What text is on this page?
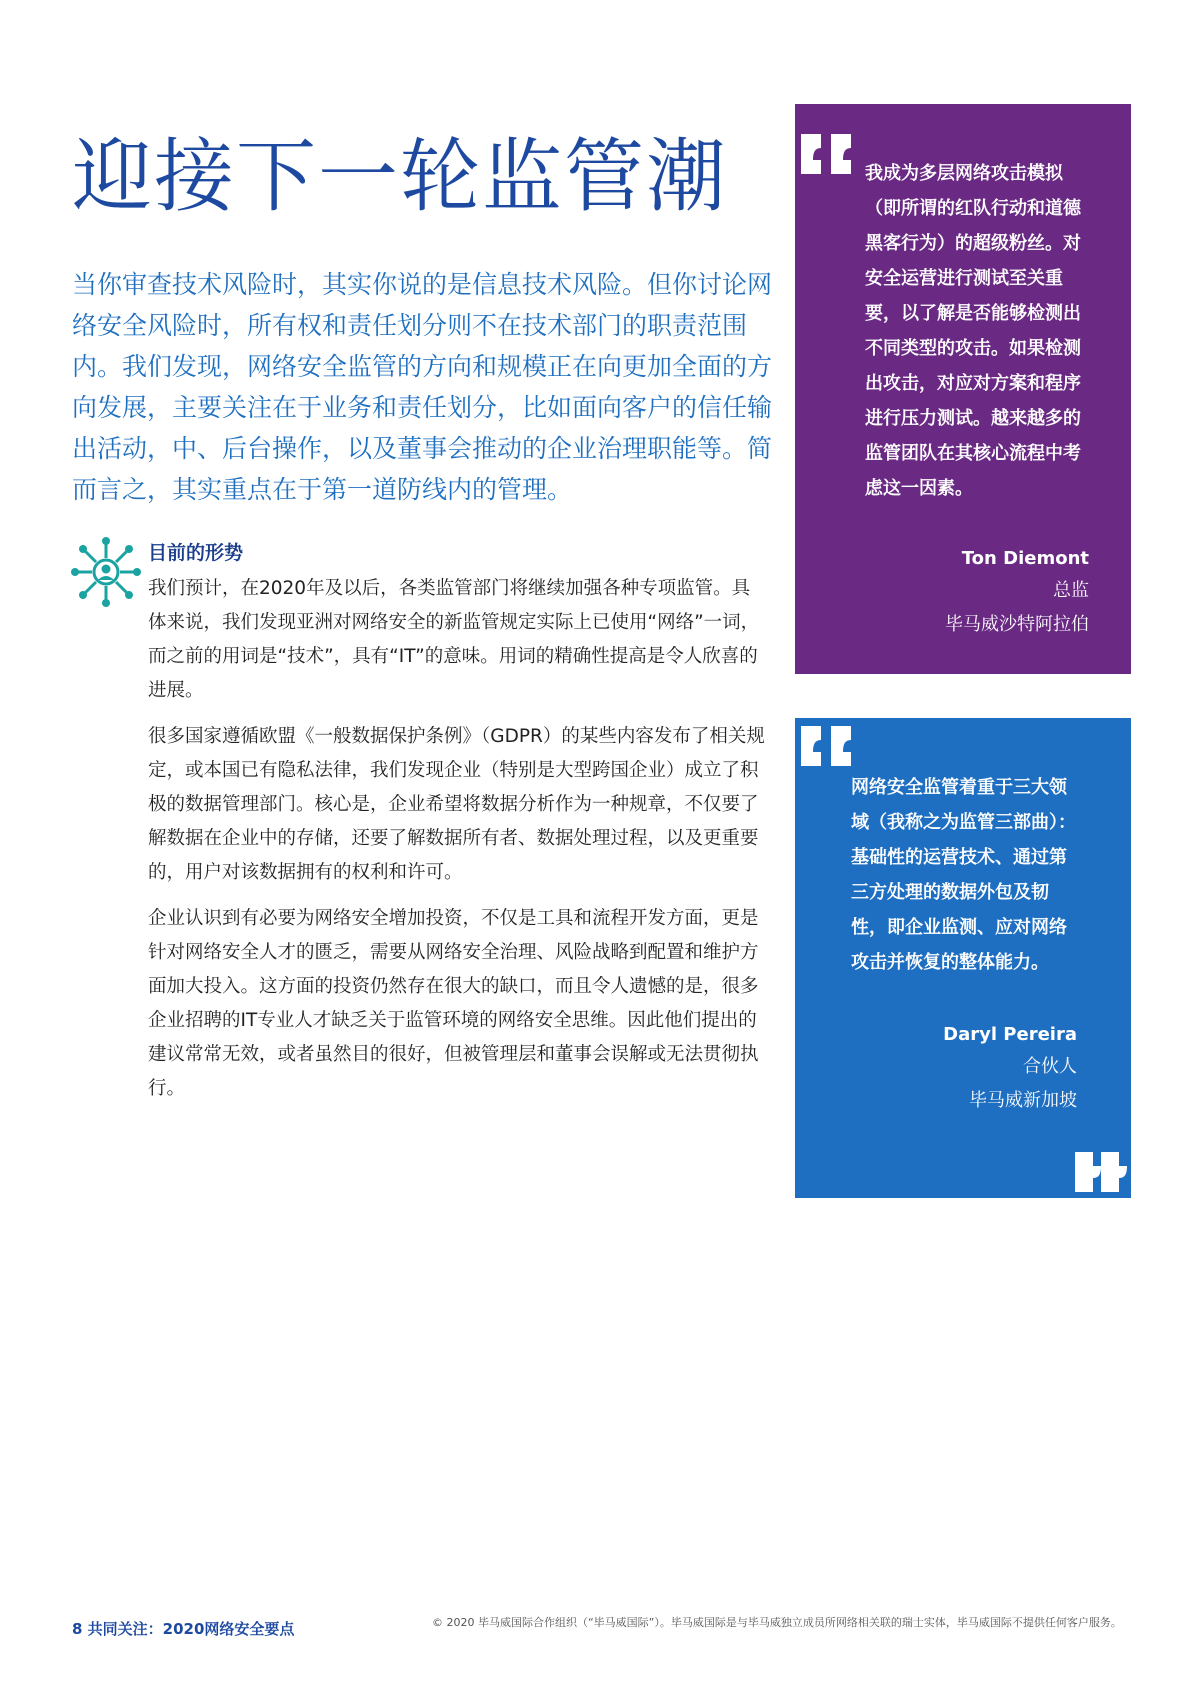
迎接下一轮监管潮

当你审查技术风险时，其实你说的是信息技术风险。但你讨论网络安全风险时，所有权和责任划分则不在技术部门的职责范围内。我们发现，网络安全监管的方向和规模正在向更加全面的方向发展，主要关注在于业务和责任划分，比如面向客户的信任输出活动，中、后台操作，以及董事会推动的企业治理职能等。简而言之，其实重点在于第一道防线内的管理。

目前的形势

我们预计，在2020年及以后，各类监管部门将继续加强各种专项监管。具体来说，我们发现亚洲对网络安全的新监管规定实际上已使用“网络”一词，而之前的用词是“技术”，具有“IT”的意味。用词的精确性提高是令人欣喜的进展。

很多国家遵循欧盟《一般数据保护条例》（GDPR）的某些内容发布了相关规定，或本国已有隐私法律，我们发现企业（特别是大型跨国企业）成立了积极的数据管理部门。核心是，企业希望将数据分析作为一种规章，不仅要了解数据在企业中的存储，还要了解数据所有者、数据处理过程，以及更重要的，用户对该数据拥有的权利和许可。

企业认识到有必要为网络安全增加投资，不仅是工具和流程开发方面，更是针对网络安全人才的匮乏，需要从网络安全治理、风险战略到配置和维护方面加大投入。这方面的投资仍然存在很大的缺口，而且令人遗憾的是，很多企业招聘的IT专业人才缺乏关于监管环境的网络安全思维。因此他们提出的建议常常无效，或者虽然目的很好，但被管理层和董事会误解或无法贯彻执行。

我成为多层网络攻击模拟（即所谓的红队行动和道德黑客行为）的超级粉丝。对安全运营进行测试至关重要，以了解是否能够检测出不同类型的攻击。如果检测出攻击，对应对方案和程序进行压力测试。越来越多的监管团队在其核心流程中考虑这一因素。

Ton Diemont
总监
毕马威沙特阿拉伯

网络安全监管着重于三大领域（我称之为监管三部曲）：基础性的运营技术、通过第三方处理的数据外包及韧性，即企业监测、应对网络攻击并恢复的整体能力。

Daryl Pereira
合伙人
毕马威新加坡
8 共同关注：2020网络安全要点	© 2020 毕马威国际合作组织（“毕马威国际”）。毕马威国际是与毕马威独立成员所网络相关联的瑞士实体，毕马威国际不提供任何客户服务。
